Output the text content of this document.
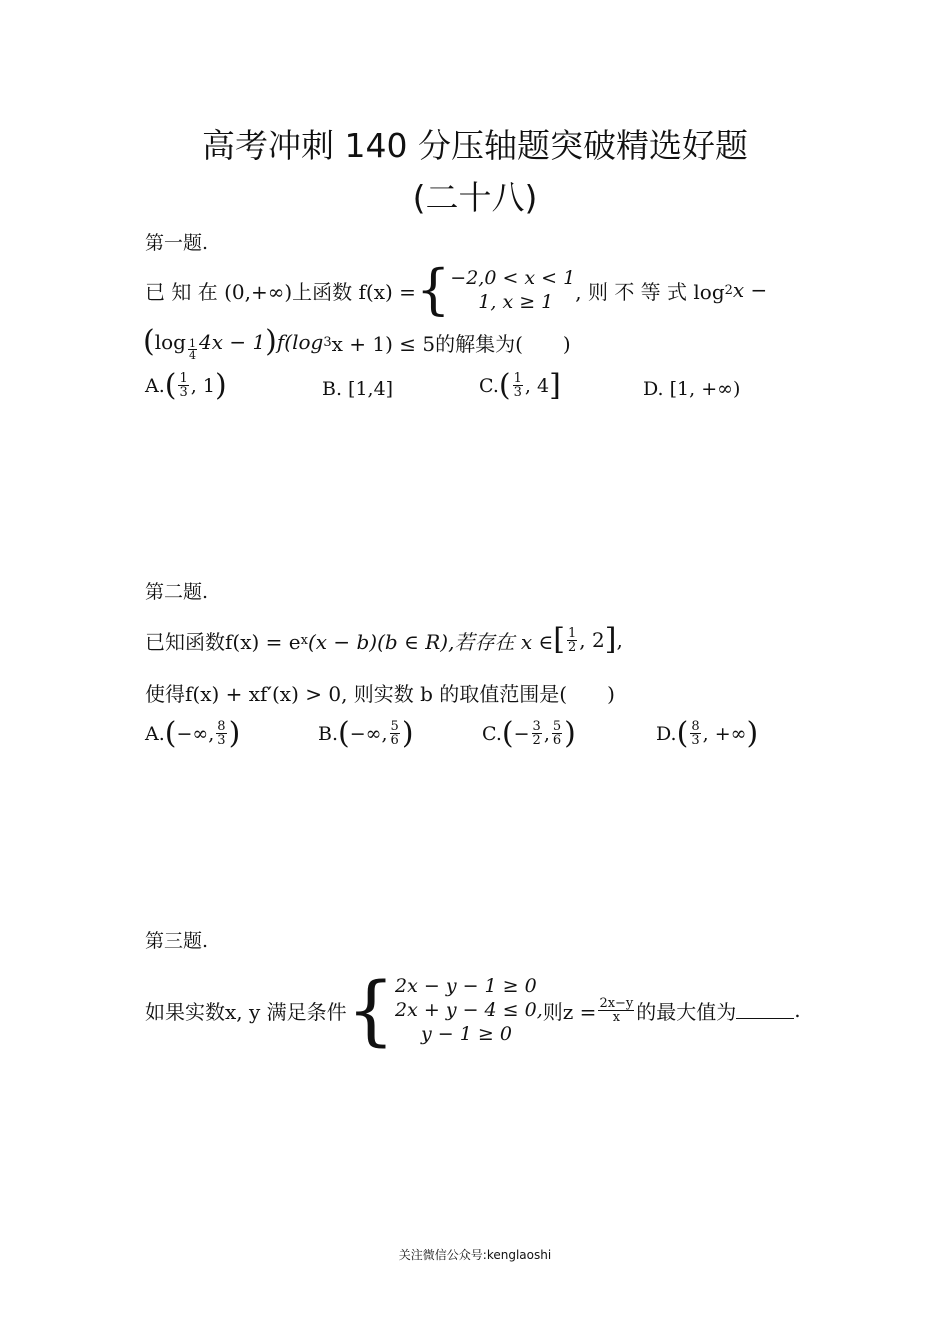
高考冲刺 140 分压轴题突破精选好题
(二十八)
第一题.
已 知 在 (0,+∞)上函数 f(x) = { −2,0 < x < 1
1, x ≥ 1	, 则 不 等 式 log 2 x −
( $\log \frac{1}{4} 4x - 1$ ) f(log 3 x + 1) ≤ 5的解集为(　　)
A. ( $\frac{1}{3}$ , 1 )	B. [1,4]	C. ( $\frac{1}{3}$ , 4 ]	D. [1, +∞)
第二题.
已知函数f(x) = e x (x − b)(b ∈ R),若存在 x ∈ [ $\frac{1}{2}$ , 2 ] ,
使得f(x) + xf′(x) > 0, 则实数 b 的取值范围是(　　)
A. ( −∞, $\frac{8}{3}$ )	B. ( −∞, $\frac{5}{6}$ )	C. ( − $\frac{3}{2}$ , $\frac{5}{6}$ )	D. ( $\frac{8}{3}$ , +∞ )
第三题.
如果实数x, y 满足条件 { 2x − y − 1 ≥ 0
2x + y − 4 ≤ 0,
y − 1 ≥ 0
则$z = \frac{2x-y}{x}$ 的最大值为	.
关注微信公众号:kenglaoshi
